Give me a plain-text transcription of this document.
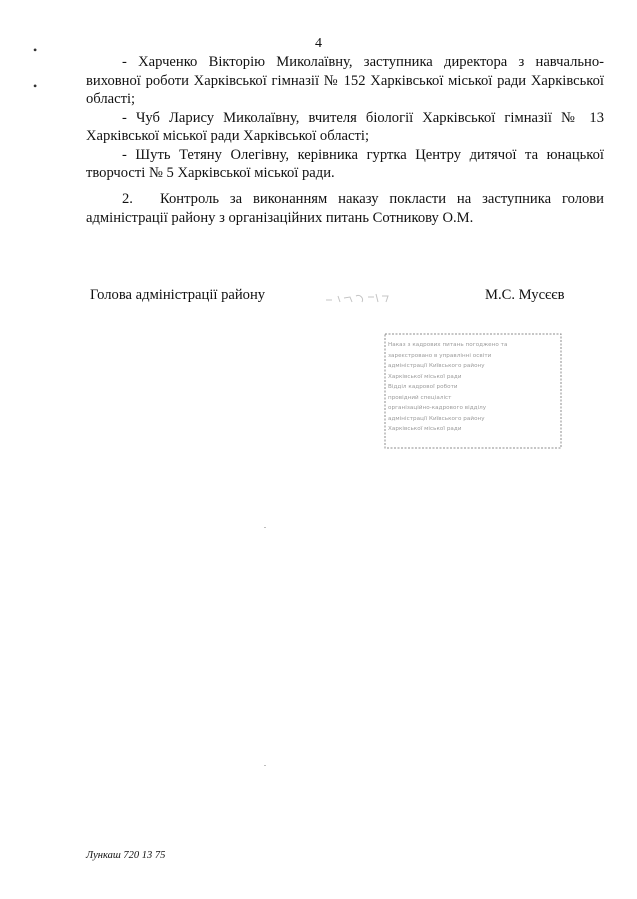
4
•
•

- Харченко Вікторію Миколаївну, заступника директора з навчально-виховної роботи Харківської гімназії № 152 Харківської міської ради Харківської області;

- Чуб Ларису Миколаївну, вчителя біології Харківської гімназії № 13 Харківської міської ради Харківської області;

- Шуть Тетяну Олегівну, керівника гуртка Центру дитячої та юнацької творчості № 5 Харківської міської ради.

2. Контроль за виконанням наказу покласти на заступника голови адміністрації району з організаційних питань Сотникову О.М.
Голова адміністрації району	М.С. Мусєєв
Наказ з кадрових питань погоджено та
зареєстровано в управлінні освіти
адміністрації Київського району
Харківської міської ради
Відділ кадрової роботи
провідний спеціаліст
організаційно-кадрового відділу
адміністрації Київського району
Харківської міської ради
Лункаш 720 13 75
